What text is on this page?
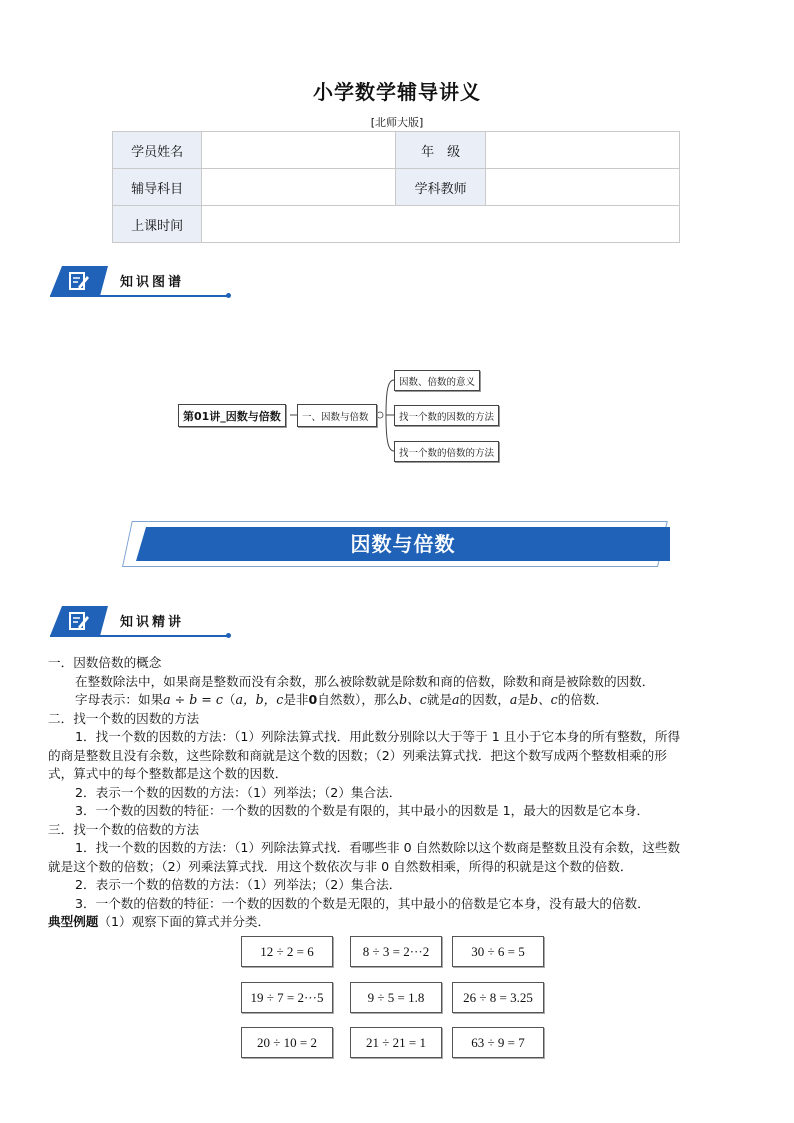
小学数学辅导讲义
[北师大版]
学员姓名		年　级	
辅导科目		学科教师	
上课时间			
知识图谱
第01讲_因数与倍数	一、因数与倍数
因数、倍数的意义
找一个数的因数的方法
找一个数的倍数的方法
因数与倍数
知识精讲

一．因数倍数的概念

在整数除法中，如果商是整数而没有余数，那么被除数就是除数和商的倍数，除数和商是被除数的因数．

字母表示：如果a ÷ b = c（a，b，c是非0自然数），那么b、c就是a的因数，a是b、c的倍数．

二．找一个数的因数的方法

1．找一个数的因数的方法：（1）列除法算式找．用此数分别除以大于等于 1 且小于它本身的所有整数，所得

的商是整数且没有余数，这些除数和商就是这个数的因数；（2）列乘法算式找．把这个数写成两个整数相乘的形

式，算式中的每个整数都是这个数的因数．

2．表示一个数的因数的方法：（1）列举法；（2）集合法．

3．一个数的因数的特征：一个数的因数的个数是有限的，其中最小的因数是 1，最大的因数是它本身．

三．找一个数的倍数的方法

1．找一个数的因数的方法：（1）列除法算式找．看哪些非 0 自然数除以这个数商是整数且没有余数，这些数

就是这个数的倍数；（2）列乘法算式找．用这个数依次与非 0 自然数相乘，所得的积就是这个数的倍数．

2．表示一个数的倍数的方法：（1）列举法；（2）集合法．

3．一个数的倍数的特征：一个数的因数的个数是无限的，其中最小的倍数是它本身，没有最大的倍数．

典型例题（1）观察下面的算式并分类．

12 ÷ 2 = 6	8 ÷ 3 = 2···2	30 ÷ 6 = 5
19 ÷ 7 = 2···5	9 ÷ 5 = 1.8	26 ÷ 8 = 3.25
20 ÷ 10 = 2	21 ÷ 21 = 1	63 ÷ 9 = 7
